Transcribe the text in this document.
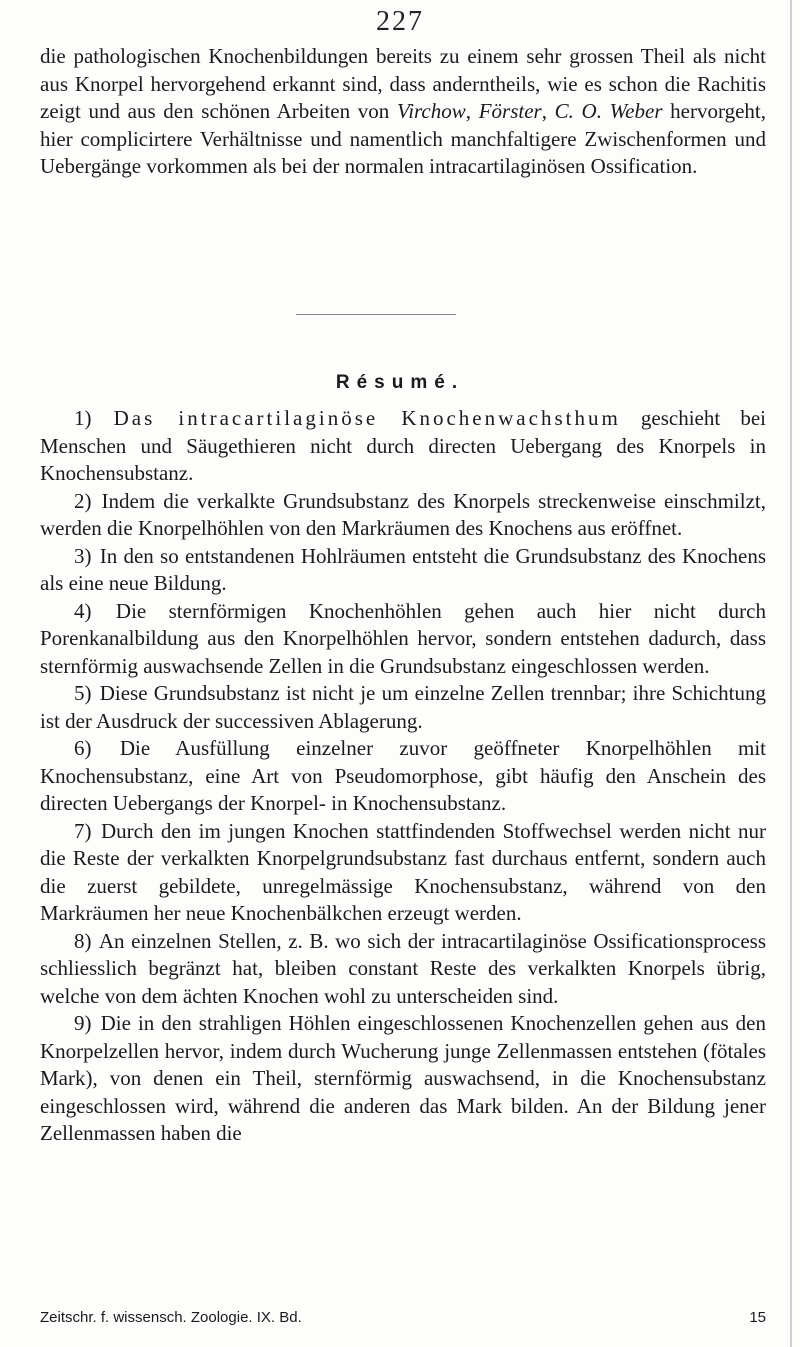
227

die pathologischen Knochenbildungen bereits zu einem sehr grossen Theil als nicht aus Knorpel hervorgehend erkannt sind, dass anderntheils, wie es schon die Rachitis zeigt und aus den schönen Arbeiten von Virchow, Förster, C. O. Weber hervorgeht, hier complicirtere Verhältnisse und namentlich manchfaltigere Zwischenformen und Uebergänge vorkommen als bei der normalen intracartilaginösen Ossification.

Résumé.

1) Das intracartilaginöse Knochenwachsthum geschieht bei Menschen und Säugethieren nicht durch directen Uebergang des Knorpels in Knochensubstanz.

2) Indem die verkalkte Grundsubstanz des Knorpels streckenweise einschmilzt, werden die Knorpelhöhlen von den Markräumen des Knochens aus eröffnet.

3) In den so entstandenen Hohlräumen entsteht die Grundsubstanz des Knochens als eine neue Bildung.

4) Die sternförmigen Knochenhöhlen gehen auch hier nicht durch Porenkanalbildung aus den Knorpelhöhlen hervor, sondern entstehen dadurch, dass sternförmig auswachsende Zellen in die Grundsubstanz eingeschlossen werden.

5) Diese Grundsubstanz ist nicht je um einzelne Zellen trennbar; ihre Schichtung ist der Ausdruck der successiven Ablagerung.

6) Die Ausfüllung einzelner zuvor geöffneter Knorpelhöhlen mit Knochensubstanz, eine Art von Pseudomorphose, gibt häufig den Anschein des directen Uebergangs der Knorpel- in Knochensubstanz.

7) Durch den im jungen Knochen stattfindenden Stoffwechsel werden nicht nur die Reste der verkalkten Knorpelgrundsubstanz fast durchaus entfernt, sondern auch die zuerst gebildete, unregelmässige Knochensubstanz, während von den Markräumen her neue Knochenbälkchen erzeugt werden.

8) An einzelnen Stellen, z. B. wo sich der intracartilaginöse Ossificationsprocess schliesslich begränzt hat, bleiben constant Reste des verkalkten Knorpels übrig, welche von dem ächten Knochen wohl zu unterscheiden sind.

9) Die in den strahligen Höhlen eingeschlossenen Knochenzellen gehen aus den Knorpelzellen hervor, indem durch Wucherung junge Zellenmassen entstehen (fötales Mark), von denen ein Theil, sternförmig auswachsend, in die Knochensubstanz eingeschlossen wird, während die anderen das Mark bilden. An der Bildung jener Zellenmassen haben die

Zeitschr. f. wissensch. Zoologie. IX. Bd.	15
